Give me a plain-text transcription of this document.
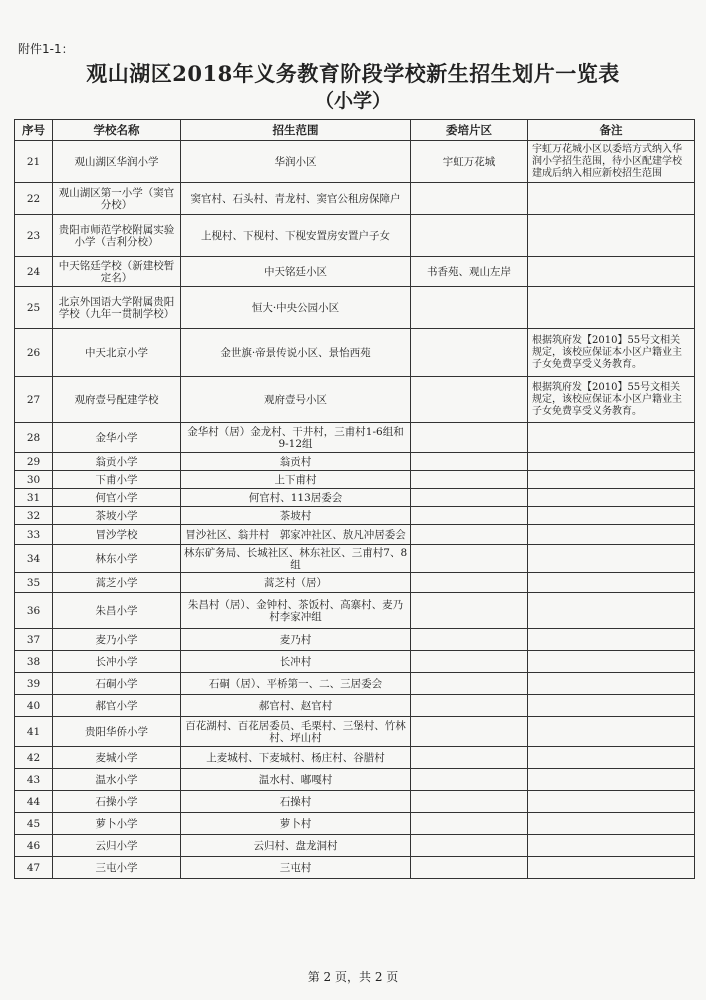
附件1-1：
观山湖区2018年义务教育阶段学校新生招生划片一览表
（小学）
序号	学校名称	招生范围	委培片区	备注
21	观山湖区华润小学	华润小区	宇虹万花城	宇虹万花城小区以委培方式纳入华润小学招生范围，待小区配建学校建成后纳入相应新校招生范围
22	观山湖区第一小学（窦官分校）	窦官村、石头村、青龙村、窦官公租房保障户		
23	贵阳市师范学校附属实验小学（吉利分校）	上枧村、下枧村、下枧安置房安置户子女		
24	中天铭廷学校（新建校暂定名）	中天铭廷小区	书香苑、观山左岸	
25	北京外国语大学附属贵阳学校（九年一贯制学校）	恒大·中央公园小区		
26	中天北京小学	金世旗·帝景传说小区、景怡西苑		根据筑府发【2010】55号文相关规定，该校应保证本小区户籍业主子女免费享受义务教育。
27	观府壹号配建学校	观府壹号小区		根据筑府发【2010】55号文相关规定，该校应保证本小区户籍业主子女免费享受义务教育。
28	金华小学	金华村（居）金龙村、干井村，三甫村1-6组和9-12组		
29	翁贡小学	翁贡村		
30	下甫小学	上下甫村		
31	何官小学	何官村、113居委会		
32	茶坡小学	茶坡村		
33	冒沙学校	冒沙社区、翁井村　郭家冲社区、敖凡冲居委会		
34	林东小学	林东矿务局、长城社区、林东社区、三甫村7、8组		
35	蒿芝小学	蒿芝村（居）		
36	朱昌小学	朱昌村（居）、金钟村、茶饭村、高寨村、麦乃村李家冲组		
37	麦乃小学	麦乃村		
38	长冲小学	长冲村		
39	石硐小学	石硐（居）、平桥第一、二、三居委会		
40	郝官小学	郝官村、赵官村		
41	贵阳华侨小学	百花湖村、百花居委员、毛栗村、三堡村、竹林村、坪山村		
42	麦城小学	上麦城村、下麦城村、杨庄村、谷腊村		
43	温水小学	温水村、嘟嘎村		
44	石操小学	石操村		
45	萝卜小学	萝卜村		
46	云归小学	云归村、盘龙洞村		
47	三屯小学	三屯村		
第 2 页，共 2 页
